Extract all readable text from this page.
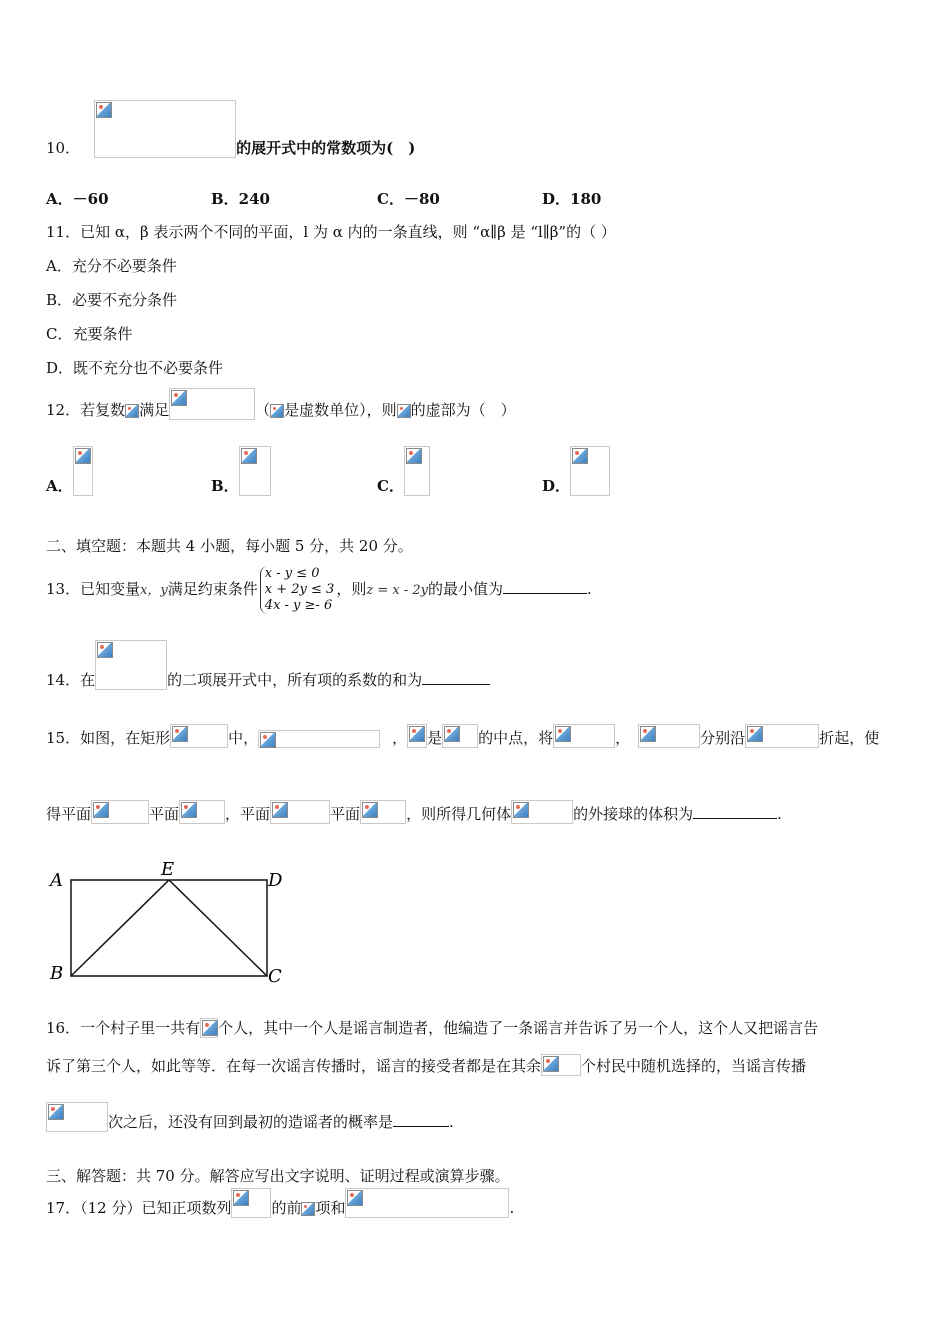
10．	的展开式中的常数项为(　)
A．－60	B．240	C．－80	D．180
11．已知 α，β 表示两个不同的平面，l 为 α 内的一条直线，则 “α∥β 是 “l∥β”的（ ）
A．充分不必要条件
B．必要不充分条件
C．充要条件
D．既不充分也不必要条件
12．若复数 满足	（ 是虚数单位），则 的虚部为（　）
A．	B．	C．	D．
二、填空题：本题共 4 小题，每小题 5 分，共 20 分。
13．已知变量x，y满足约束条件x - y ≤ 0
x + 2y ≤ 3
4x - y ≥- 6，则z = x - 2y的最小值为	.
14．在	的二项展开式中，所有项的系数的和为
15．如图，在矩形	中，	， 是 的中点，将	，	分别沿	折起，使
得平面	平面	，平面	平面	，则所得几何体	的外接球的体积为	.
A
E
D
B	C
16．一个村子里一共有 个人，其中一个人是谣言制造者，他编造了一条谣言并告诉了另一个人，这个人又把谣言告
诉了第三个人，如此等等．在每一次谣言传播时，谣言的接受者都是在其余	个村民中随机选择的，当谣言传播
次之后，还没有回到最初的造谣者的概率是	.
三、解答题：共 70 分。解答应写出文字说明、证明过程或演算步骤。
17．（12 分）已知正项数列	的前 项和	.
